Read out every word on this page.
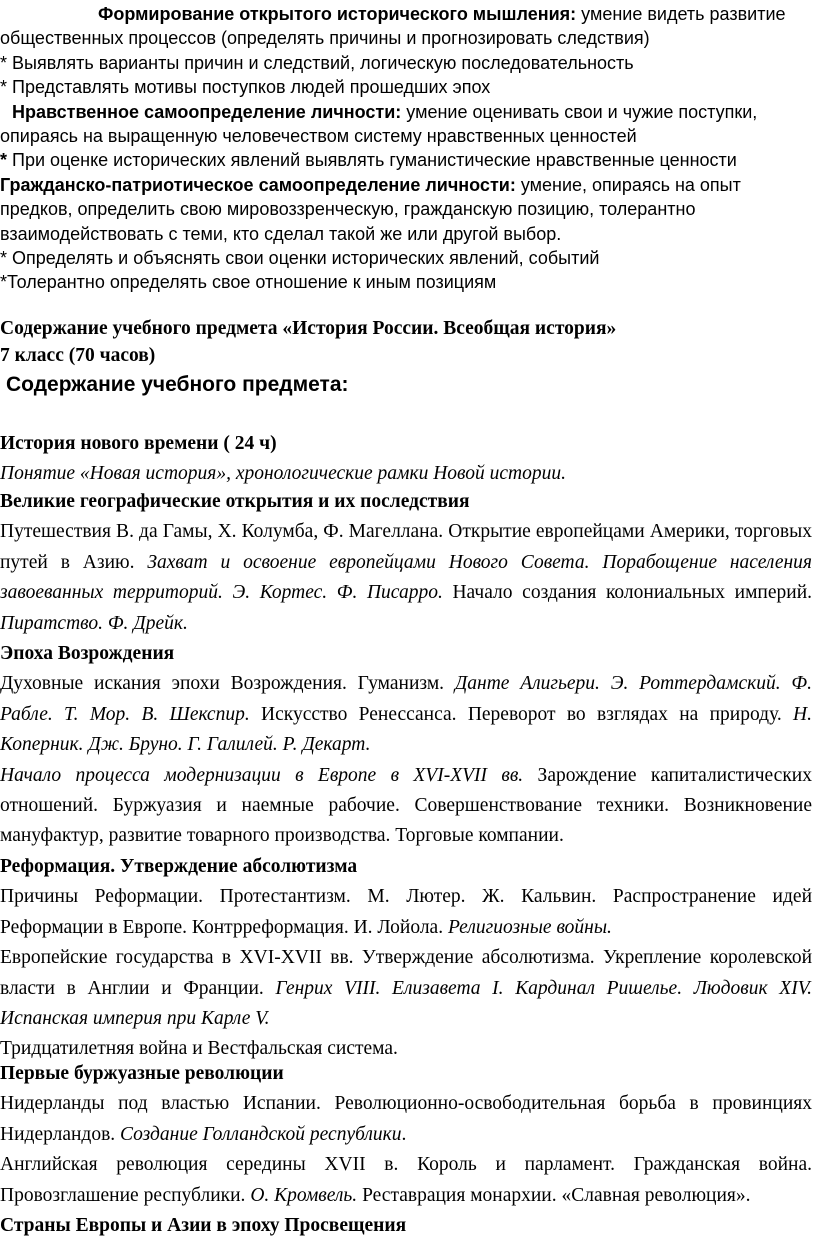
Формирование открытого исторического мышления: умение видеть развитие общественных процессов (определять причины и прогнозировать следствия)

* Выявлять варианты причин и следствий, логическую последовательность

* Представлять мотивы поступков людей прошедших эпох

Нравственное самоопределение личности: умение оценивать свои и чужие поступки, опираясь на выращенную человечеством систему нравственных ценностей

* При оценке исторических явлений выявлять гуманистические нравственные ценности

Гражданско-патриотическое самоопределение личности: умение, опираясь на опыт предков, определить свою мировоззренческую, гражданскую позицию, толерантно взаимодействовать с теми, кто сделал такой же или другой выбор.

* Определять и объяснять свои оценки исторических явлений, событий

*Толерантно определять свое отношение к иным позициям

Содержание учебного предмета «История России. Всеобщая история»
7 класс (70 часов)
Содержание учебного предмета:

История нового времени ( 24 ч)

Понятие «Новая история», хронологические рамки Новой истории.

Великие географические открытия и их последствия

Путешествия В. да Гамы, Х. Колумба, Ф. Магеллана. Открытие европейцами Америки, торговых путей в Азию. Захват и освоение европейцами Нового Совета. Порабощение населения завоеванных территорий. Э. Кортес. Ф. Писарро. Начало создания колониальных империй. Пиратство. Ф. Дрейк.

Эпоха Возрождения

Духовные искания эпохи Возрождения. Гуманизм. Данте Алигьери. Э. Роттердамский. Ф. Рабле. Т. Мор. В. Шекспир. Искусство Ренессанса. Переворот во взглядах на природу. Н. Коперник. Дж. Бруно. Г. Галилей. Р. Декарт.

Начало процесса модернизации в Европе в XVI-XVII вв. Зарождение капиталистических отношений. Буржуазия и наемные рабочие. Совершенствование техники. Возникновение мануфактур, развитие товарного производства. Торговые компании.

Реформация. Утверждение абсолютизма

Причины Реформации. Протестантизм. М. Лютер. Ж. Кальвин. Распространение идей Реформации в Европе. Контрреформация. И. Лойола. Религиозные войны.

Европейские государства в XVI-XVII вв. Утверждение абсолютизма. Укрепление королевской власти в Англии и Франции. Генрих VIII. Елизавета I. Кардинал Ришелье. Людовик XIV. Испанская империя при Карле V.

Тридцатилетняя война и Вестфальская система.

Первые буржуазные революции

Нидерланды под властью Испании. Революционно-освободительная борьба в провинциях Нидерландов. Создание Голландской республики.

Английская революция середины XVII в. Король и парламент. Гражданская война. Провозглашение республики. О. Кромвель. Реставрация монархии. «Славная революция».

Страны Европы и Азии в эпоху Просвещения
